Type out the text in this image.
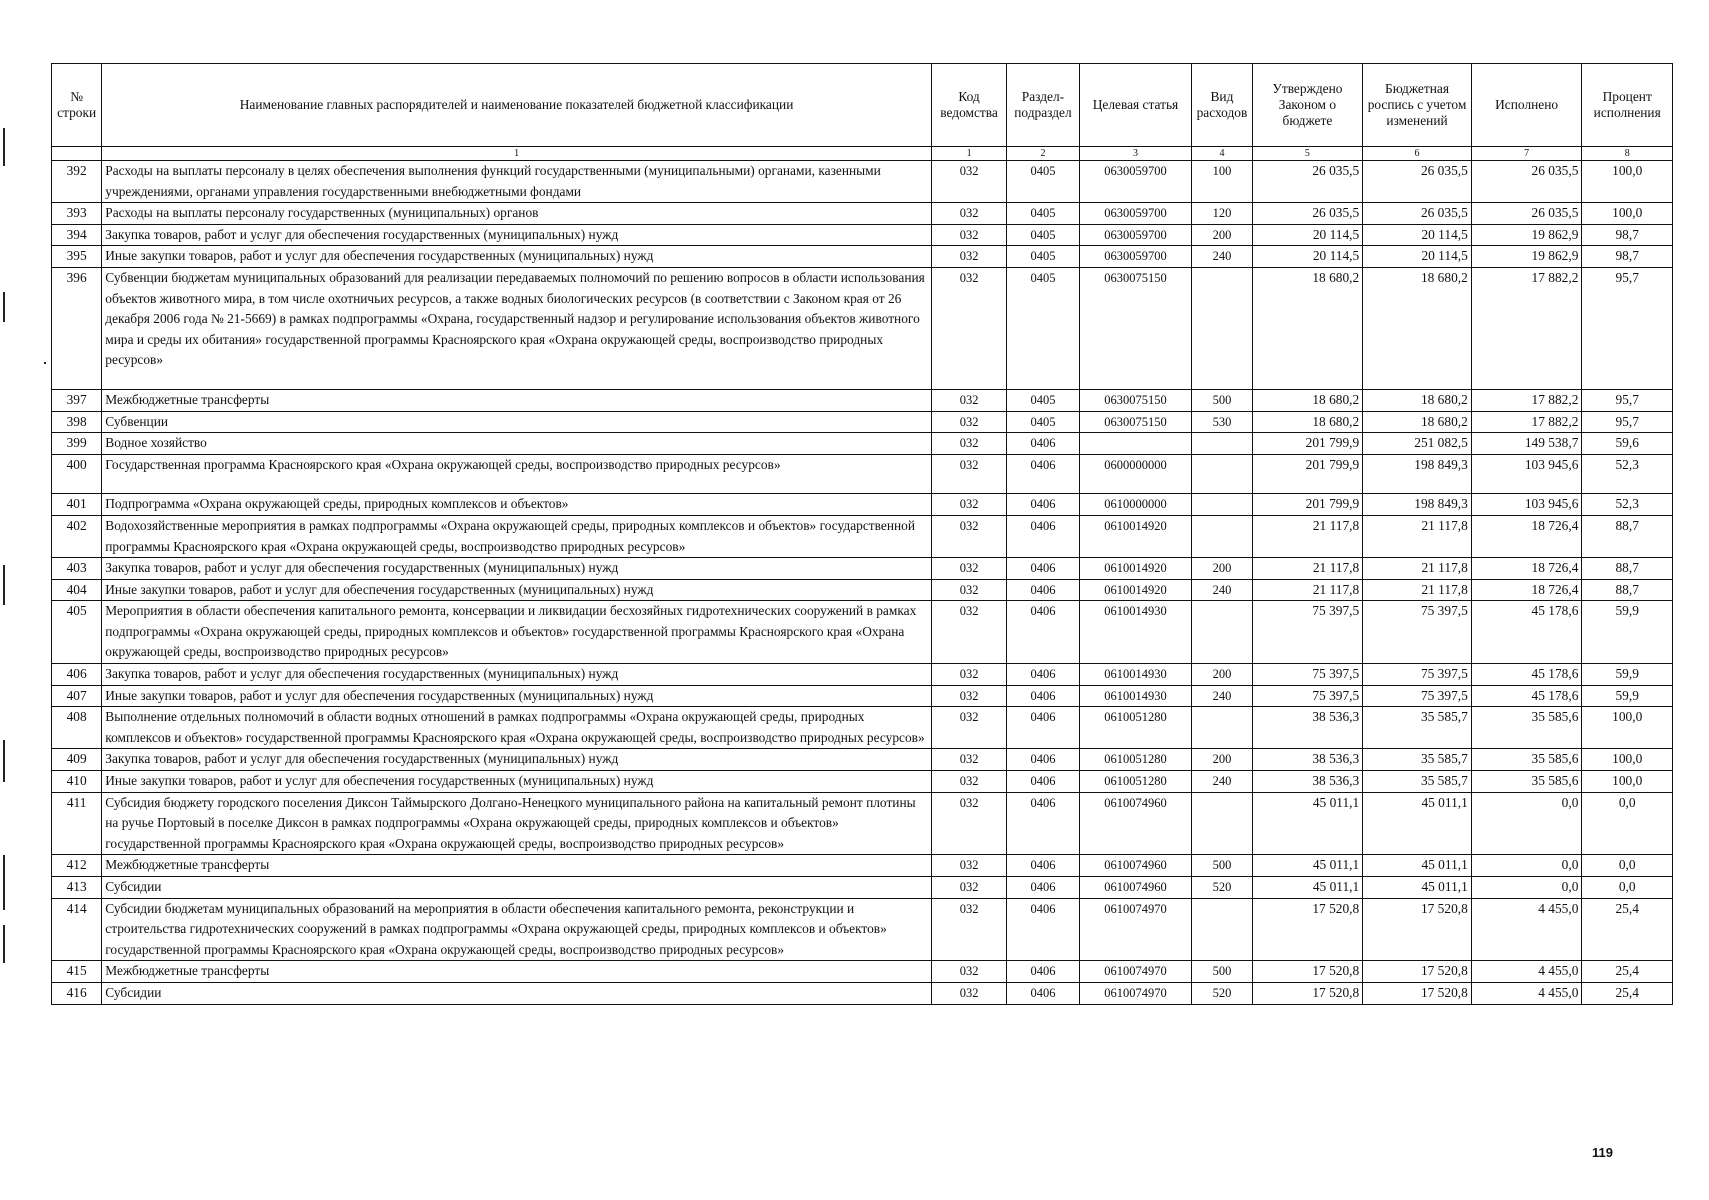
№ строки	Наименование главных распорядителей и наименование показателей бюджетной классификации	Код ведомства	Раздел-подраздел	Целевая статья	Вид расходов	Утверждено Законом о бюджете	Бюджетная роспись с учетом изменений	Исполнено	Процент исполнения
	1	1	2	3	4	5	6	7	8
392	Расходы на выплаты персоналу в целях обеспечения выполнения функций государственными (муниципальными) органами, казенными учреждениями, органами управления государственными внебюджетными фондами	032	0405	0630059700	100	26 035,5	26 035,5	26 035,5	100,0
393	Расходы на выплаты персоналу государственных (муниципальных) органов	032	0405	0630059700	120	26 035,5	26 035,5	26 035,5	100,0
394	Закупка товаров, работ и услуг для обеспечения государственных (муниципальных) нужд	032	0405	0630059700	200	20 114,5	20 114,5	19 862,9	98,7
395	Иные закупки товаров, работ и услуг для обеспечения государственных (муниципальных) нужд	032	0405	0630059700	240	20 114,5	20 114,5	19 862,9	98,7
396	Субвенции бюджетам муниципальных образований для реализации передаваемых полномочий по решению вопросов в области использования объектов животного мира, в том числе охотничьих ресурсов, а также водных биологических ресурсов (в соответствии с Законом края от 26 декабря 2006 года № 21-5669) в рамках подпрограммы «Охрана, государственный надзор и регулирование использования объектов животного мира и среды их обитания» государственной программы Красноярского края «Охрана окружающей среды, воспроизводство природных ресурсов»	032	0405	0630075150		18 680,2	18 680,2	17 882,2	95,7
397	Межбюджетные трансферты	032	0405	0630075150	500	18 680,2	18 680,2	17 882,2	95,7
398	Субвенции	032	0405	0630075150	530	18 680,2	18 680,2	17 882,2	95,7
399	Водное хозяйство	032	0406			201 799,9	251 082,5	149 538,7	59,6
400	Государственная программа Красноярского края «Охрана окружающей среды, воспроизводство природных ресурсов»	032	0406	0600000000		201 799,9	198 849,3	103 945,6	52,3
401	Подпрограмма «Охрана окружающей среды, природных комплексов и объектов»	032	0406	0610000000		201 799,9	198 849,3	103 945,6	52,3
402	Водохозяйственные мероприятия в рамках подпрограммы «Охрана окружающей среды, природных комплексов и объектов» государственной программы Красноярского края «Охрана окружающей среды, воспроизводство природных ресурсов»	032	0406	0610014920		21 117,8	21 117,8	18 726,4	88,7
403	Закупка товаров, работ и услуг для обеспечения государственных (муниципальных) нужд	032	0406	0610014920	200	21 117,8	21 117,8	18 726,4	88,7
404	Иные закупки товаров, работ и услуг для обеспечения государственных (муниципальных) нужд	032	0406	0610014920	240	21 117,8	21 117,8	18 726,4	88,7
405	Мероприятия в области обеспечения капитального ремонта, консервации и ликвидации бесхозяйных гидротехнических сооружений в рамках подпрограммы «Охрана окружающей среды, природных комплексов и объектов» государственной программы Красноярского края «Охрана окружающей среды, воспроизводство природных ресурсов»	032	0406	0610014930		75 397,5	75 397,5	45 178,6	59,9
406	Закупка товаров, работ и услуг для обеспечения государственных (муниципальных) нужд	032	0406	0610014930	200	75 397,5	75 397,5	45 178,6	59,9
407	Иные закупки товаров, работ и услуг для обеспечения государственных (муниципальных) нужд	032	0406	0610014930	240	75 397,5	75 397,5	45 178,6	59,9
408	Выполнение отдельных полномочий в области водных отношений в рамках подпрограммы «Охрана окружающей среды, природных комплексов и объектов» государственной программы Красноярского края «Охрана окружающей среды, воспроизводство природных ресурсов»	032	0406	0610051280		38 536,3	35 585,7	35 585,6	100,0
409	Закупка товаров, работ и услуг для обеспечения государственных (муниципальных) нужд	032	0406	0610051280	200	38 536,3	35 585,7	35 585,6	100,0
410	Иные закупки товаров, работ и услуг для обеспечения государственных (муниципальных) нужд	032	0406	0610051280	240	38 536,3	35 585,7	35 585,6	100,0
411	Субсидия бюджету городского поселения Диксон Таймырского Долгано-Ненецкого муниципального района на капитальный ремонт плотины на ручье Портовый в поселке Диксон в рамках подпрограммы «Охрана окружающей среды, природных комплексов и объектов» государственной программы Красноярского края «Охрана окружающей среды, воспроизводство природных ресурсов»	032	0406	0610074960		45 011,1	45 011,1	0,0	0,0
412	Межбюджетные трансферты	032	0406	0610074960	500	45 011,1	45 011,1	0,0	0,0
413	Субсидии	032	0406	0610074960	520	45 011,1	45 011,1	0,0	0,0
414	Субсидии бюджетам муниципальных образований на мероприятия в области обеспечения капитального ремонта, реконструкции и строительства гидротехнических сооружений в рамках подпрограммы «Охрана окружающей среды, природных комплексов и объектов» государственной программы Красноярского края «Охрана окружающей среды, воспроизводство природных ресурсов»	032	0406	0610074970		17 520,8	17 520,8	4 455,0	25,4
415	Межбюджетные трансферты	032	0406	0610074970	500	17 520,8	17 520,8	4 455,0	25,4
416	Субсидии	032	0406	0610074970	520	17 520,8	17 520,8	4 455,0	25,4
119
